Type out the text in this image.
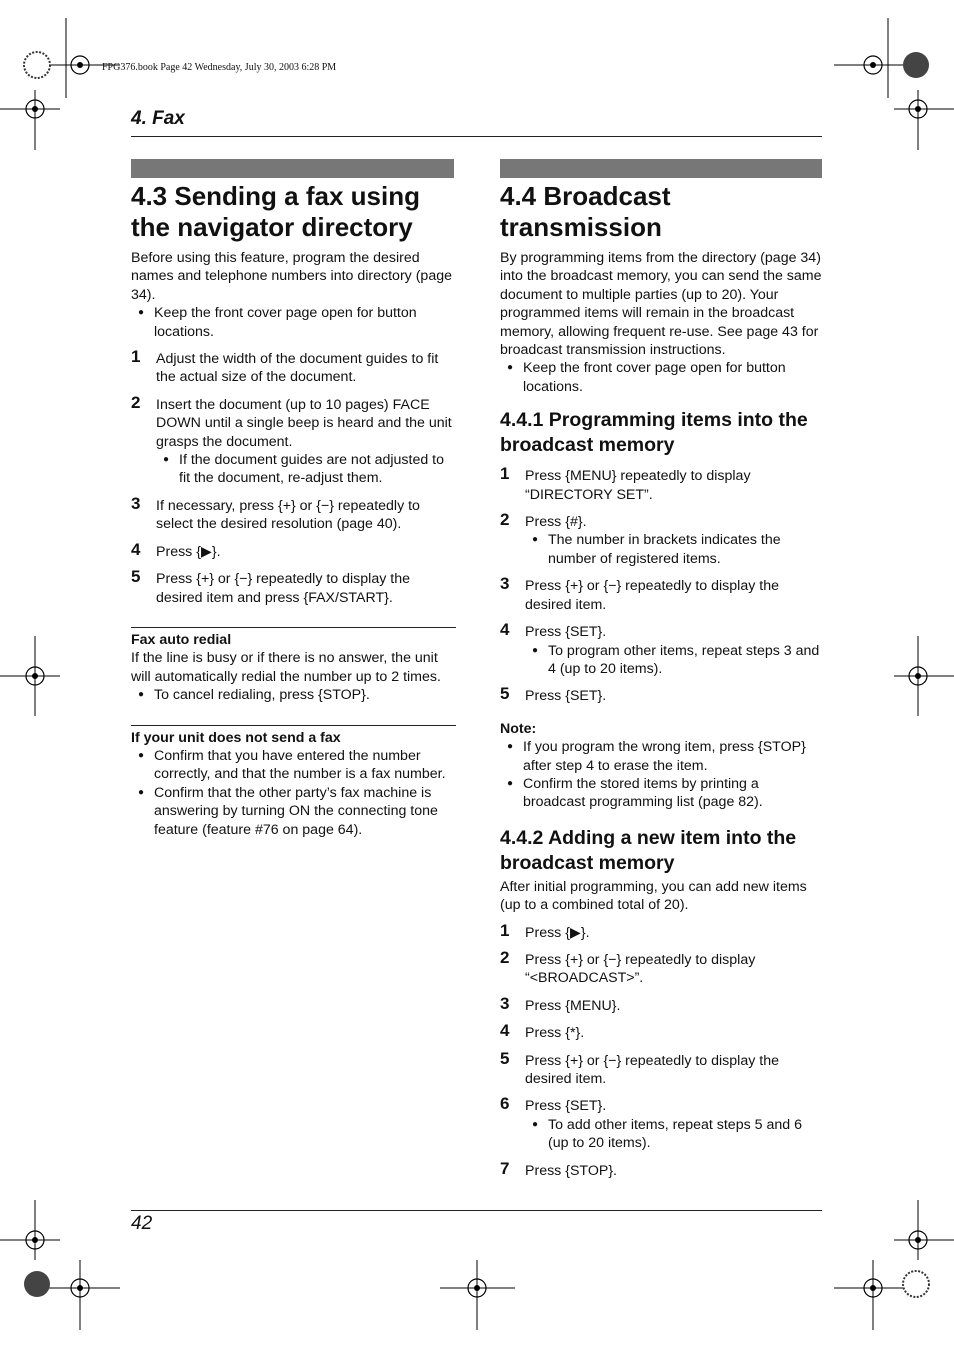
FPG376.book Page 42 Wednesday, July 30, 2003 6:28 PM
4. Fax
4.3 Sending a fax using the navigator directory

Before using this feature, program the desired names and telephone numbers into directory (page 34).

● Keep the front cover page open for button locations.

1 Adjust the width of the document guides to fit the actual size of the document.

2 Insert the document (up to 10 pages) FACE DOWN until a single beep is heard and the unit grasps the document.

● If the document guides are not adjusted to fit the document, re-adjust them.

3 If necessary, press {+} or {−} repeatedly to select the desired resolution (page 40).

4 Press {▶}.

5 Press {+} or {−} repeatedly to display the desired item and press {FAX/START}.

Fax auto redial

If the line is busy or if there is no answer, the unit will automatically redial the number up to 2 times.

● To cancel redialing, press {STOP}.

If your unit does not send a fax

● Confirm that you have entered the number correctly, and that the number is a fax number.

● Confirm that the other party’s fax machine is answering by turning ON the connecting tone feature (feature #76 on page 64).

4.4 Broadcast transmission

By programming items from the directory (page 34) into the broadcast memory, you can send the same document to multiple parties (up to 20). Your programmed items will remain in the broadcast memory, allowing frequent re-use. See page 43 for broadcast transmission instructions.

● Keep the front cover page open for button locations.

4.4.1 Programming items into the broadcast memory
1 Press {MENU} repeatedly to display “DIRECTORY SET”.

2 Press {#}.

● The number in brackets indicates the number of registered items.

3 Press {+} or {−} repeatedly to display the desired item.

4 Press {SET}.

● To program other items, repeat steps 3 and 4 (up to 20 items).

5 Press {SET}.

Note:

● If you program the wrong item, press {STOP} after step 4 to erase the item.

● Confirm the stored items by printing a broadcast programming list (page 82).

4.4.2 Adding a new item into the broadcast memory

After initial programming, you can add new items (up to a combined total of 20).

1 Press {▶}.

2 Press {+} or {−} repeatedly to display “<BROADCAST>”.

3 Press {MENU}.

4 Press {*}.

5 Press {+} or {−} repeatedly to display the desired item.

6 Press {SET}.

● To add other items, repeat steps 5 and 6 (up to 20 items).

7 Press {STOP}.

42
